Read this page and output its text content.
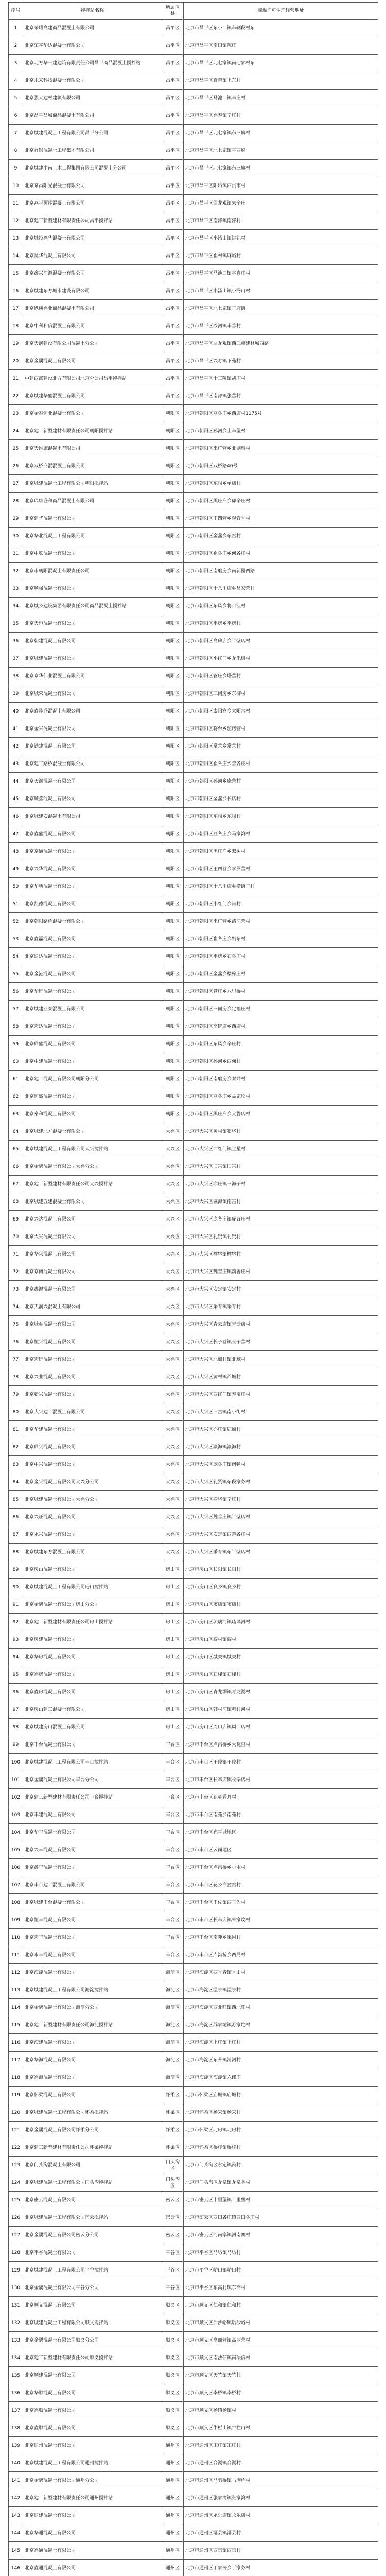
序号	搅拌站名称	所属区县	商混许可生产经营地址
1	北京荣耀高建商品混凝土有限公司	昌平区	北京市昌平区东小口镇车辆段村东
2	北京荣亨华达混凝土有限公司	昌平区	北京市昌平区南口镇陈庄
3	北京北方华一建建筑有限责任公司昌平商品混凝土搅拌站	昌平区	北京市昌平区北七家镇南七家村东
4	北京未来科技混凝土有限公司	昌平区	北京市昌平区百善镇上东村
5	北京强大建材建筑有限公司	昌平区	北京市昌平区马池口镇辛庄村
6	北京昌平昌城商品混凝土有限公司	昌平区	北京市昌平区兴寿镇辛庄村
7	北京城建混凝土工程有限公司昌平分公司	昌平区	北京市昌平区北七家镇东三旗村
8	北京首钢混凝土工程集团有限公司	昌平区	北京市昌平区北七家镇平西府
9	北京城建中南土木工程集团有限公司混凝土分公司	昌平区	北京市昌平区北七家镇东三旗村
10	北京京昌阳光混凝土有限公司	昌平区	北京市昌平区阳坊镇西贯市村
11	北京燕平预拌混凝土有限公司	昌平区	北京市昌平区回龙观镇朱辛庄
12	北京建工新型建材有限责任公司昌平搅拌站	昌平区	北京市昌平区南邵镇南邵村
13	北京城投兴华混凝土有限公司	昌平区	北京市昌平区小汤山镇讲礼村
14	北京昊华混凝土有限公司	昌平区	北京市昌平区崔村镇麻峪村
15	北京鑫兴汇源混凝土有限公司	昌平区	北京市昌平区马池口镇亭自庄村
16	北京城建东方城市建设有限公司	昌平区	北京市昌平区小汤山镇小汤山村
17	北京纵横兴业商品混凝土有限公司	昌平区	北京市昌平区北七家镇王府街
18	北京中科和信混凝土有限公司	昌平区	北京市昌平区沙河镇丰善村
19	北京天润建设有限公司混凝土分公司	昌平区	北京市昌平区回龙观镇西三旗建材城西路
20	北京金隅混凝土有限公司	昌平区	北京市昌平区兴寿镇下苑村
21	中建西部建设北方有限公司北京分公司昌平搅拌站	昌平区	北京市昌平区十三陵镇胡庄村
22	北京城建华盛混凝土有限公司	昌平区	北京市昌平区南邵镇张营村
23	北京金泰恒业混凝土有限公司	朝阳区	北京市朝阳区豆各庄乡西店村1175号
24	北京建工新型建材有限责任公司朝阳搅拌站	朝阳区	北京市朝阳区孙河乡上辛堡村
25	北京天维康混凝土有限公司	朝阳区	北京市朝阳区来广营乡北湖渠村
26	北京双桥商混混凝土有限公司	朝阳区	北京市朝阳区双桥路40号
27	北京城建混凝土工程有限公司朝阳搅拌站	朝阳区	北京市朝阳区东坝乡单店村
28	北京瑞康盛和商品混凝土有限公司	朝阳区	北京市朝阳区黑庄户乡郎辛庄村
29	北京建华混凝土有限公司	朝阳区	北京市朝阳区王四营乡观音堂村
30	北京华北混凝土工程有限公司	朝阳区	北京市朝阳区金盏乡东窑村
31	北京中联混凝土有限公司	朝阳区	北京市朝阳区崔各庄乡何各庄村
32	北京市朝阳混凝土有限责任公司	朝阳区	北京市朝阳区南磨房乡南新园西路
33	北京顺强混凝土有限公司	朝阳区	北京市朝阳区十八里店乡吕家营村
34	北京城乡建设集团有限责任公司商品混凝土搅拌站	朝阳区	北京市朝阳区东风乡将台洼村
35	北京天恒混凝土有限公司	朝阳区	北京市朝阳区平房乡平房村
36	北京朝建混凝土有限公司	朝阳区	北京市朝阳区高碑店乡半壁店村
37	北京城建混凝土有限公司	朝阳区	北京市朝阳区小红门乡龙爪树村
38	北京京华伟业混凝土有限公司	朝阳区	北京市朝阳区管庄乡塔营村
39	北京城荣混凝土有限公司	朝阳区	北京市朝阳区三间房乡东柳村
40	北京鑫隆盛混凝土有限公司	朝阳区	北京市朝阳区太阳宫乡太阳宫村
41	北京金兴混凝土有限公司	朝阳区	北京市朝阳区将台乡驼房营村
42	北京铁建混凝土有限公司	朝阳区	北京市朝阳区常营乡常营村
43	北京建工路桥混凝土有限公司	朝阳区	北京市朝阳区崔各庄乡善各庄村
44	北京天润混凝土有限公司	朝阳区	北京市朝阳区孙河乡康营村
45	北京顺鑫混凝土有限公司	朝阳区	北京市朝阳区金盏乡长店村
46	北京城建安混凝土有限公司	朝阳区	北京市朝阳区东坝乡东坝村
47	北京鑫盛混凝土有限公司	朝阳区	北京市朝阳区豆各庄乡马家湾村
48	北京京通混凝土有限公司	朝阳区	北京市朝阳区黑庄户乡双树村
49	北京兴华混凝土有限公司	朝阳区	北京市朝阳区王四营乡孛罗营村
50	北京华新混凝土有限公司	朝阳区	北京市朝阳区十八里店乡横街子村
51	北京凯德混凝土有限公司	朝阳区	北京市朝阳区小红门乡肖村
52	北京朝阳路桥混凝土有限公司	朝阳区	北京市朝阳区来广营乡清河营村
53	北京鑫磊混凝土有限公司	朝阳区	北京市朝阳区崔各庄乡奶东村
54	北京通达混凝土有限公司	朝阳区	北京市朝阳区平房乡石各庄村
55	北京金港混凝土有限公司	朝阳区	北京市朝阳区金盏乡楼梓庄村
56	北京华远混凝土有限公司	朝阳区	北京市朝阳区管庄乡八里桥村
57	北京城建亚泰混凝土有限公司	朝阳区	北京市朝阳区三间房乡定福庄村
58	北京宏达混凝土有限公司	朝阳区	北京市朝阳区高碑店乡西店村
59	北京鼎盛混凝土有限公司	朝阳区	北京市朝阳区东风乡辛庄村
60	北京中建混凝土有限公司	朝阳区	北京市朝阳区孙河乡西甸村
61	北京建工混凝土有限公司朝阳分公司	朝阳区	北京市朝阳区南磨房乡双井村
62	北京恒盛混凝土有限公司	朝阳区	北京市朝阳区豆各庄乡孟家坟村
63	北京泰和混凝土有限公司	朝阳区	北京市朝阳区黑庄户乡大鲁店村
64	北京城建北方混凝土有限公司	大兴区	北京市大兴区黄村镇狼垡村
65	北京城建混凝土工程有限公司大兴搅拌站	大兴区	北京市大兴区西红门镇金星村
66	北京金隅混凝土有限公司大兴分公司	大兴区	北京市大兴区旧宫镇旧宫村
67	北京建工新型建材有限责任公司大兴搅拌站	大兴区	北京市大兴区亦庄镇三海子村
68	北京城建五建混凝土有限公司	大兴区	北京市大兴区瀛海镇南宫村
69	北京兴达混凝土有限公司	大兴区	北京市大兴区庞各庄镇庞各庄村
70	北京大兴混凝土有限公司	大兴区	北京市大兴区礼贤镇礼贤村
71	北京华兴混凝土有限公司	大兴区	北京市大兴区榆垡镇榆垡村
72	北京京南混凝土有限公司	大兴区	北京市大兴区魏善庄镇魏善庄村
73	北京鑫源混凝土有限公司	大兴区	北京市大兴区安定镇安定村
74	北京天润兴混凝土有限公司	大兴区	北京市大兴区采育镇采育村
75	北京城乡混凝土有限公司	大兴区	北京市大兴区青云店镇青云店村
76	北京恒兴混凝土有限公司	大兴区	北京市大兴区长子营镇长子营村
77	北京宏远混凝土有限公司	大兴区	北京市大兴区北臧村镇北臧村
78	北京兴业混凝土有限公司	大兴区	北京市大兴区黄村镇芦城村
79	北京新兴混凝土有限公司	大兴区	北京市大兴区西红门镇寿宝庄村
80	北京大兴建工混凝土有限公司	大兴区	北京市大兴区旧宫镇南小街村
81	北京华建混凝土有限公司	大兴区	北京市大兴区亦庄镇鹿圈村
82	北京鼎兴混凝土有限公司	大兴区	北京市大兴区瀛海镇瀛海村
83	北京中兴混凝土有限公司	大兴区	北京市大兴区庞各庄镇南顿村
84	北京金兴混凝土有限公司大兴分公司	大兴区	北京市大兴区礼贤镇东段家务村
85	北京城建混凝土有限公司大兴分公司	大兴区	北京市大兴区榆垡镇辛庄村
86	北京兴旺混凝土有限公司	大兴区	北京市大兴区魏善庄镇半壁店村
87	北京永兴混凝土有限公司	大兴区	北京市大兴区安定镇西芦各庄村
88	北京城建东方混凝土有限公司	大兴区	北京市大兴区采育镇东半壁店村
89	北京房山混凝土有限公司	房山区	北京市房山区长阳镇长阳村
90	北京城建混凝土工程有限公司房山搅拌站	房山区	北京市房山区良乡镇良乡村
91	北京金隅混凝土有限公司房山分公司	房山区	北京市房山区窦店镇窦店村
92	北京建工新型建材有限责任公司房山搅拌站	房山区	北京市房山区琉璃河镇琉璃河村
93	北京房建混凝土有限公司	房山区	北京市房山区阎村镇阎村
94	北京华房混凝土有限公司	房山区	北京市房山区城关镇城关村
95	北京兴房混凝土有限公司	房山区	北京市房山区石楼镇石楼村
96	北京鑫房混凝土有限公司	房山区	北京市房山区青龙湖镇青龙湖村
97	北京房山建工混凝土有限公司	房山区	北京市房山区韩村河镇韩村河村
98	北京城建房山混凝土有限公司	房山区	北京市房山区周口店镇周口店村
99	北京丰台混凝土有限公司	丰台区	北京市丰台区卢沟桥乡大瓦窑村
100	北京城建混凝土工程有限公司丰台搅拌站	丰台区	北京市丰台区王佐镇王佐村
101	北京金隅混凝土有限公司丰台分公司	丰台区	北京市丰台区长辛店镇长辛店村
102	北京建工新型建材有限责任公司丰台搅拌站	丰台区	北京市丰台区花乡看丹村
103	北京丰建混凝土有限公司	丰台区	北京市丰台区南苑乡南苑村
104	北京华丰混凝土有限公司	丰台区	北京市丰台区宛平城地区
105	北京兴丰混凝土有限公司	丰台区	北京市丰台区云岗地区
106	北京鑫丰混凝土有限公司	丰台区	北京市丰台区卢沟桥乡小屯村
107	北京丰台建工混凝土有限公司	丰台区	北京市丰台区花乡白盆窑村
108	北京城建丰台混凝土有限公司	丰台区	北京市丰台区王佐镇西王佐村
109	北京恒丰混凝土有限公司	丰台区	北京市丰台区长辛店镇朱家坟村
110	北京宏丰混凝土有限公司	丰台区	北京市丰台区南苑乡果园村
111	北京永丰混凝土有限公司	丰台区	北京市丰台区卢沟桥乡西局村
112	北京海淀混凝土有限公司	海淀区	北京市海淀区四季青镇香山村
113	北京城建混凝土工程有限公司海淀搅拌站	海淀区	北京市海淀区温泉镇温泉村
114	北京金隅混凝土有限公司海淀分公司	海淀区	北京市海淀区西北旺镇西北旺村
115	北京建工新型建材有限责任公司海淀搅拌站	海淀区	北京市海淀区苏家坨镇苏家坨村
116	北京海建混凝土有限公司	海淀区	北京市海淀区上庄镇上庄村
117	北京华海混凝土有限公司	海淀区	北京市海淀区东升镇清河村
118	北京兴海混凝土有限公司	海淀区	北京市海淀区海淀镇六郎庄
119	北京怀柔混凝土有限公司	怀柔区	北京市怀柔区庙城镇庙城村
120	北京城建混凝土工程有限公司怀柔搅拌站	怀柔区	北京市怀柔区杨宋镇杨宋村
121	北京金隅混凝土有限公司怀柔分公司	怀柔区	北京市怀柔区北房镇北房村
122	北京建工新型建材有限责任公司怀柔搅拌站	怀柔区	北京市怀柔区桥梓镇桥梓村
123	北京门头沟混凝土有限公司	门头沟区	北京市门头沟区永定镇冯村
124	北京城建混凝土工程有限公司门头沟搅拌站	门头沟区	北京市门头沟区龙泉镇龙泉务村
125	北京密云混凝土有限公司	密云区	北京市密云区十里堡镇十里堡村
126	北京城建混凝土工程有限公司密云搅拌站	密云区	北京市密云区西田各庄镇西田各庄村
127	北京金隅混凝土有限公司密云分公司	密云区	北京市密云区河南寨镇河南寨村
128	北京平谷混凝土有限公司	平谷区	北京市平谷区马坊镇马坊村
129	北京城建混凝土工程有限公司平谷搅拌站	平谷区	北京市平谷区峪口镇峪口村
130	北京金隅混凝土有限公司平谷分公司	平谷区	北京市平谷区东高村镇东高村
131	北京顺义混凝土有限公司	顺义区	北京市顺义区仁和镇仁和村
132	北京城建混凝土工程有限公司顺义搅拌站	顺义区	北京市顺义区后沙峪镇后沙峪村
133	北京金隅混凝土有限公司顺义分公司	顺义区	北京市顺义区高丽营镇高丽营村
134	北京建工新型建材有限责任公司顺义搅拌站	顺义区	北京市顺义区南法信镇南法信村
135	北京顺建混凝土有限公司	顺义区	北京市顺义区天竺镇天竺村
136	北京华顺混凝土有限公司	顺义区	北京市顺义区李桥镇李桥村
137	北京兴顺混凝土有限公司	顺义区	北京市顺义区杨镇杨镇村
138	北京鑫顺混凝土有限公司	顺义区	北京市顺义区牛栏山镇牛栏山村
139	北京通州混凝土有限公司	通州区	北京市通州区宋庄镇宋庄村
140	北京城建混凝土工程有限公司通州搅拌站	通州区	北京市通州区台湖镇台湖村
141	北京金隅混凝土有限公司通州分公司	通州区	北京市通州区马驹桥镇马驹桥村
142	北京建工新型建材有限责任公司通州搅拌站	通州区	北京市通州区张家湾镇张家湾村
143	北京通建混凝土有限公司	通州区	北京市通州区永乐店镇永乐店村
144	北京华通混凝土有限公司	通州区	北京市通州区漷县镇漷县村
145	北京兴通混凝土有限公司	通州区	北京市通州区西集镇西集村
146	北京鑫通混凝土有限公司	通州区	北京市通州区于家务乡于家务村
